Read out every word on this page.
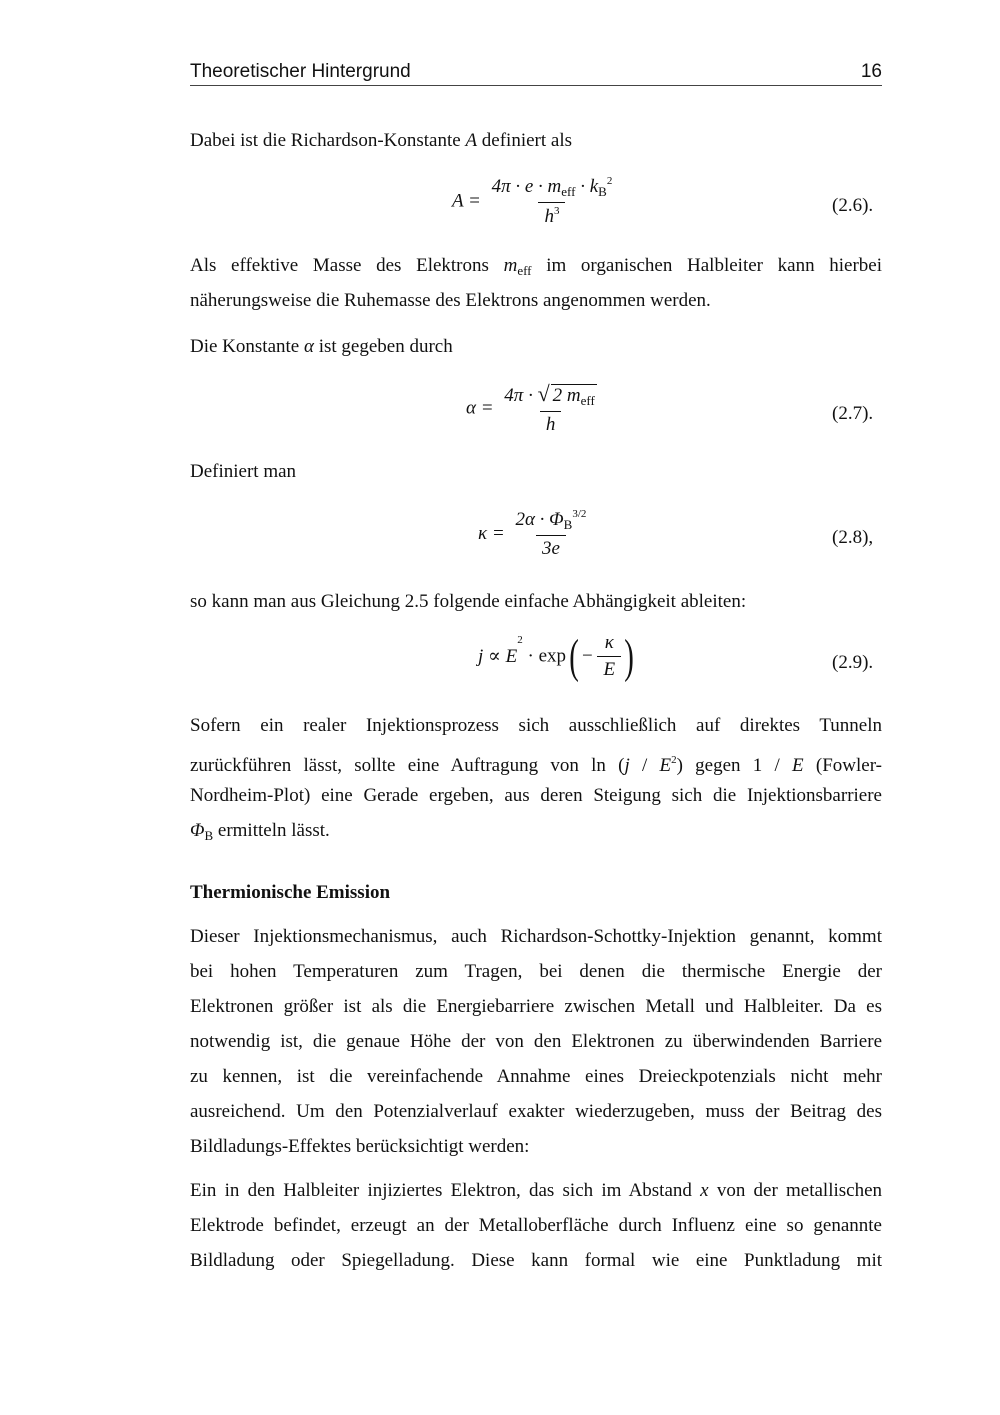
Theoretischer Hintergrund	16

Dabei ist die Richardson-Konstante A definiert als

$A = \frac{4\pi \cdot e \cdot m_{eff} \cdot k_B^2}{h^3}$	(2.6).

Als effektive Masse des Elektrons $m_{eff}$ im organischen Halbleiter kann hierbei

näherungsweise die Ruhemasse des Elektrons angenommen werden.

Die Konstante α ist gegeben durch

$\alpha = \frac{4\pi \cdot √ 2 m_{eff}}{h}$	(2.7).

Definiert man

$\kappa = \frac{2\alpha \cdot \Phi_B^{3/2}}{3e}$	(2.8),

so kann man aus Gleichung 2.5 folgende einfache Abhängigkeit ableiten:

$j \propto E^2 \cdot \exp( - \frac{\kappa}{E}$ )	(2.9).

Sofern ein realer Injektionsprozess sich ausschließlich auf direktes Tunneln

zurückführen lässt, sollte eine Auftragung von $\ln (j / E^2)$ gegen 1 / E (Fowler-

Nordheim-Plot) eine Gerade ergeben, aus deren Steigung sich die Injektionsbarriere

$\Phi_B$ ermitteln lässt.

Thermionische Emission

Dieser Injektionsmechanismus, auch Richardson-Schottky-Injektion genannt, kommt

bei hohen Temperaturen zum Tragen, bei denen die thermische Energie der

Elektronen größer ist als die Energiebarriere zwischen Metall und Halbleiter. Da es

notwendig ist, die genaue Höhe der von den Elektronen zu überwindenden Barriere

zu kennen, ist die vereinfachende Annahme eines Dreieckpotenzials nicht mehr

ausreichend. Um den Potenzialverlauf exakter wiederzugeben, muss der Beitrag des

Bildladungs-Effektes berücksichtigt werden:

Ein in den Halbleiter injiziertes Elektron, das sich im Abstand x von der metallischen

Elektrode befindet, erzeugt an der Metalloberfläche durch Influenz eine so genannte

Bildladung oder Spiegelladung. Diese kann formal wie eine Punktladung mit
